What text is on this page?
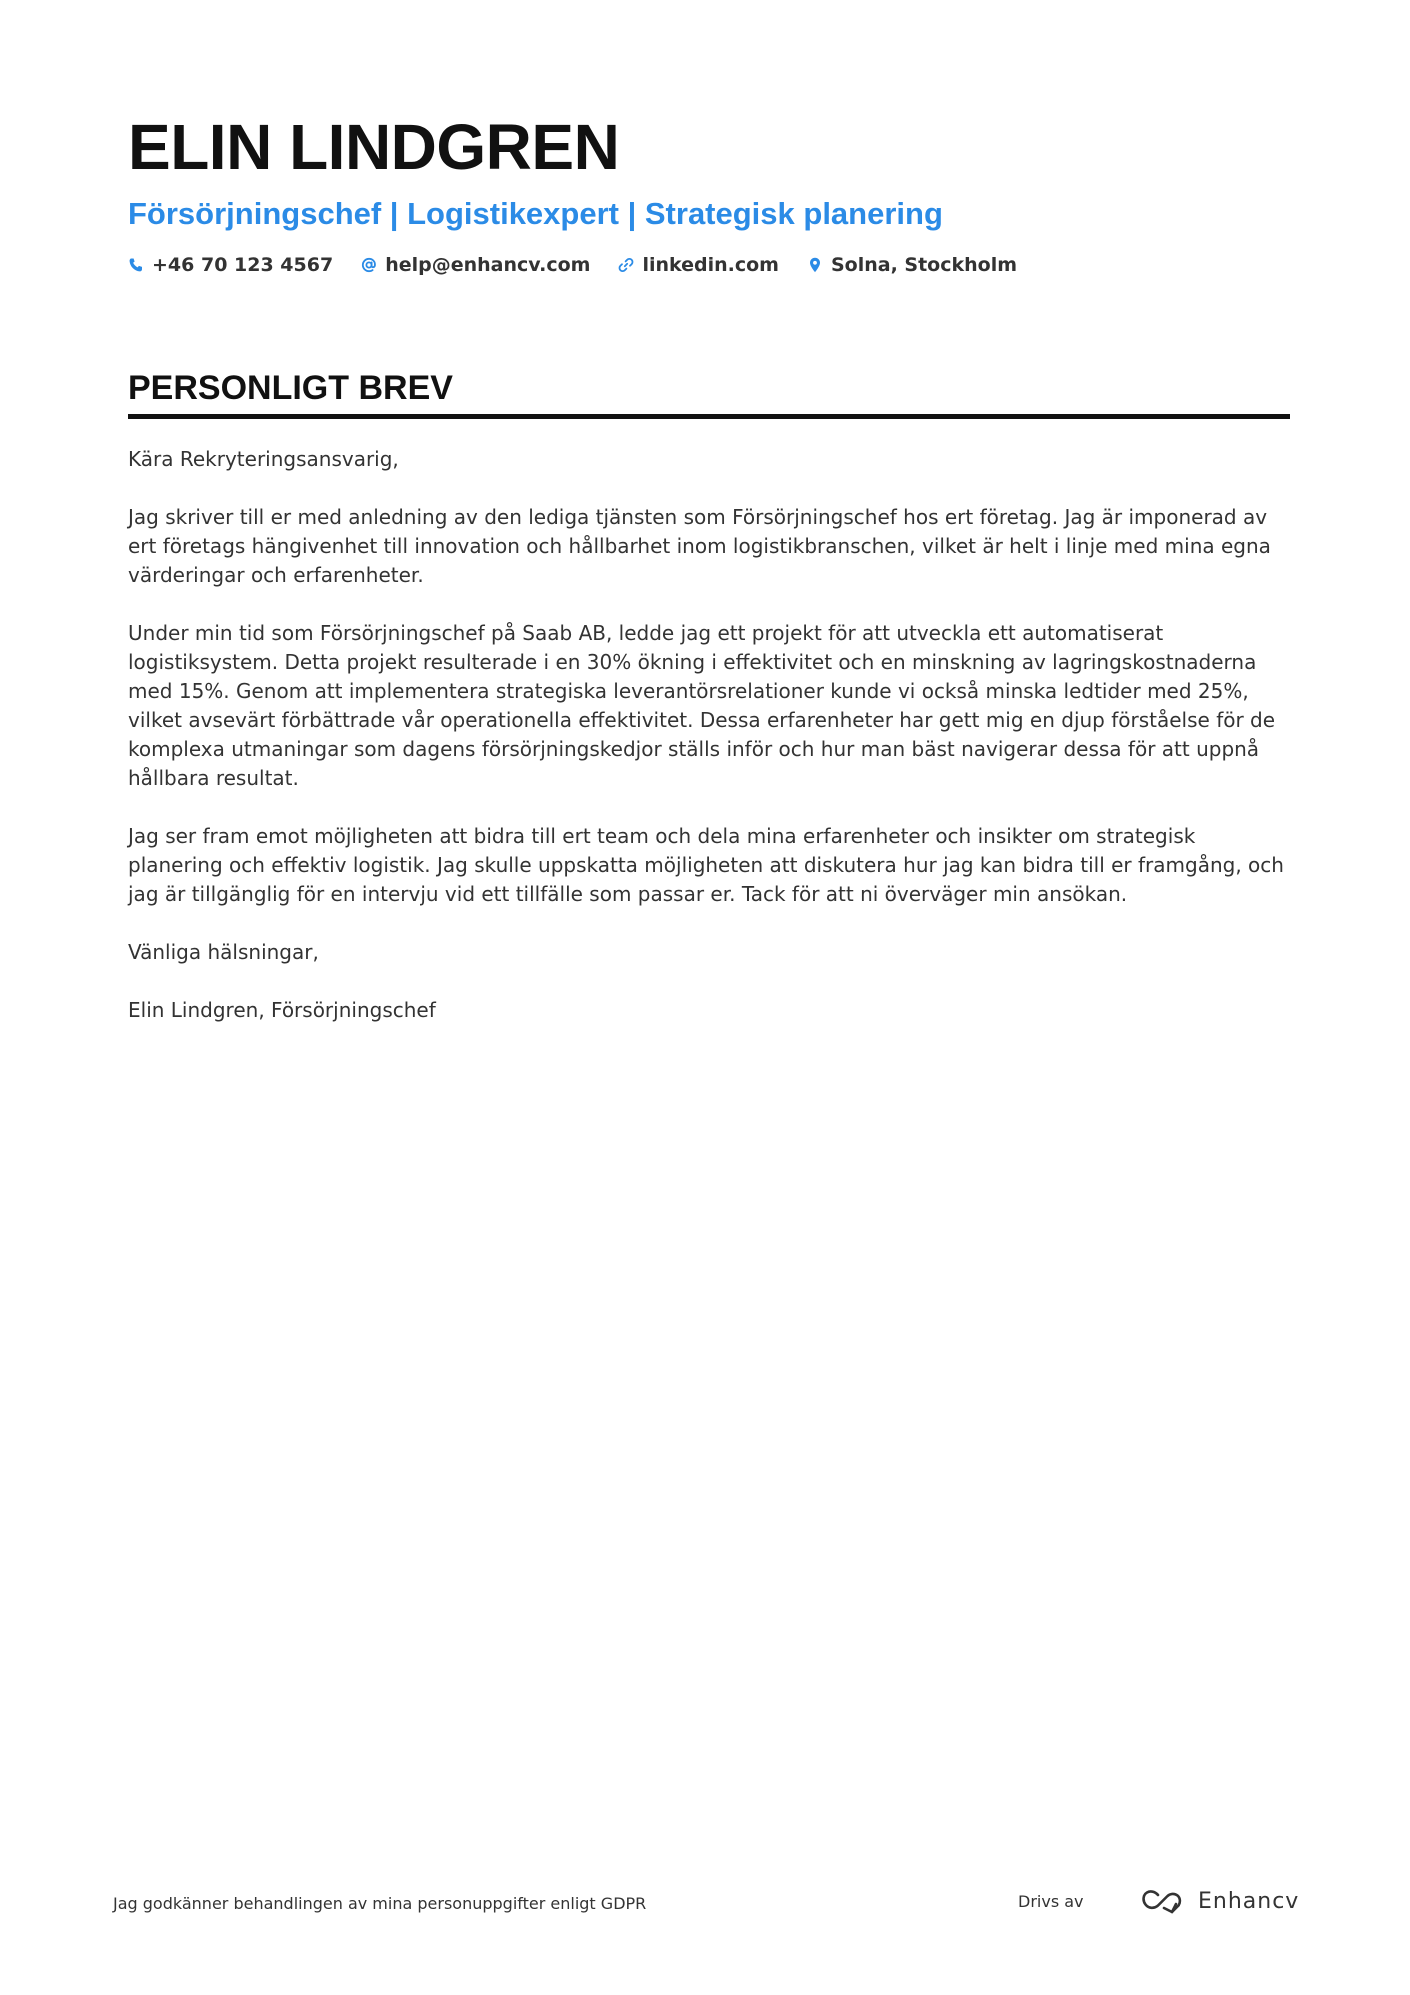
ELIN LINDGREN
Försörjningschef | Logistikexpert | Strategisk planering
+46 70 123 4567	help@enhancv.com	linkedin.com	Solna, Stockholm
PERSONLIGT BREV

Kära Rekryteringsansvarig,

Jag skriver till er med anledning av den lediga tjänsten som Försörjningschef hos ert företag. Jag är imponerad av ert företags hängivenhet till innovation och hållbarhet inom logistikbranschen, vilket är helt i linje med mina egna värderingar och erfarenheter.

Under min tid som Försörjningschef på Saab AB, ledde jag ett projekt för att utveckla ett automatiserat logistiksystem. Detta projekt resulterade i en 30% ökning i effektivitet och en minskning av lagringskostnaderna med 15%. Genom att implementera strategiska leverantörsrelationer kunde vi också minska ledtider med 25%, vilket avsevärt förbättrade vår operationella effektivitet. Dessa erfarenheter har gett mig en djup förståelse för de komplexa utmaningar som dagens försörjningskedjor ställs inför och hur man bäst navigerar dessa för att uppnå hållbara resultat.

Jag ser fram emot möjligheten att bidra till ert team och dela mina erfarenheter och insikter om strategisk planering och effektiv logistik. Jag skulle uppskatta möjligheten att diskutera hur jag kan bidra till er framgång, och jag är tillgänglig för en intervju vid ett tillfälle som passar er. Tack för att ni överväger min ansökan.

Vänliga hälsningar,

Elin Lindgren, Försörjningschef

Jag godkänner behandlingen av mina personuppgifter enligt GDPR	Drivs av	Enhancv
